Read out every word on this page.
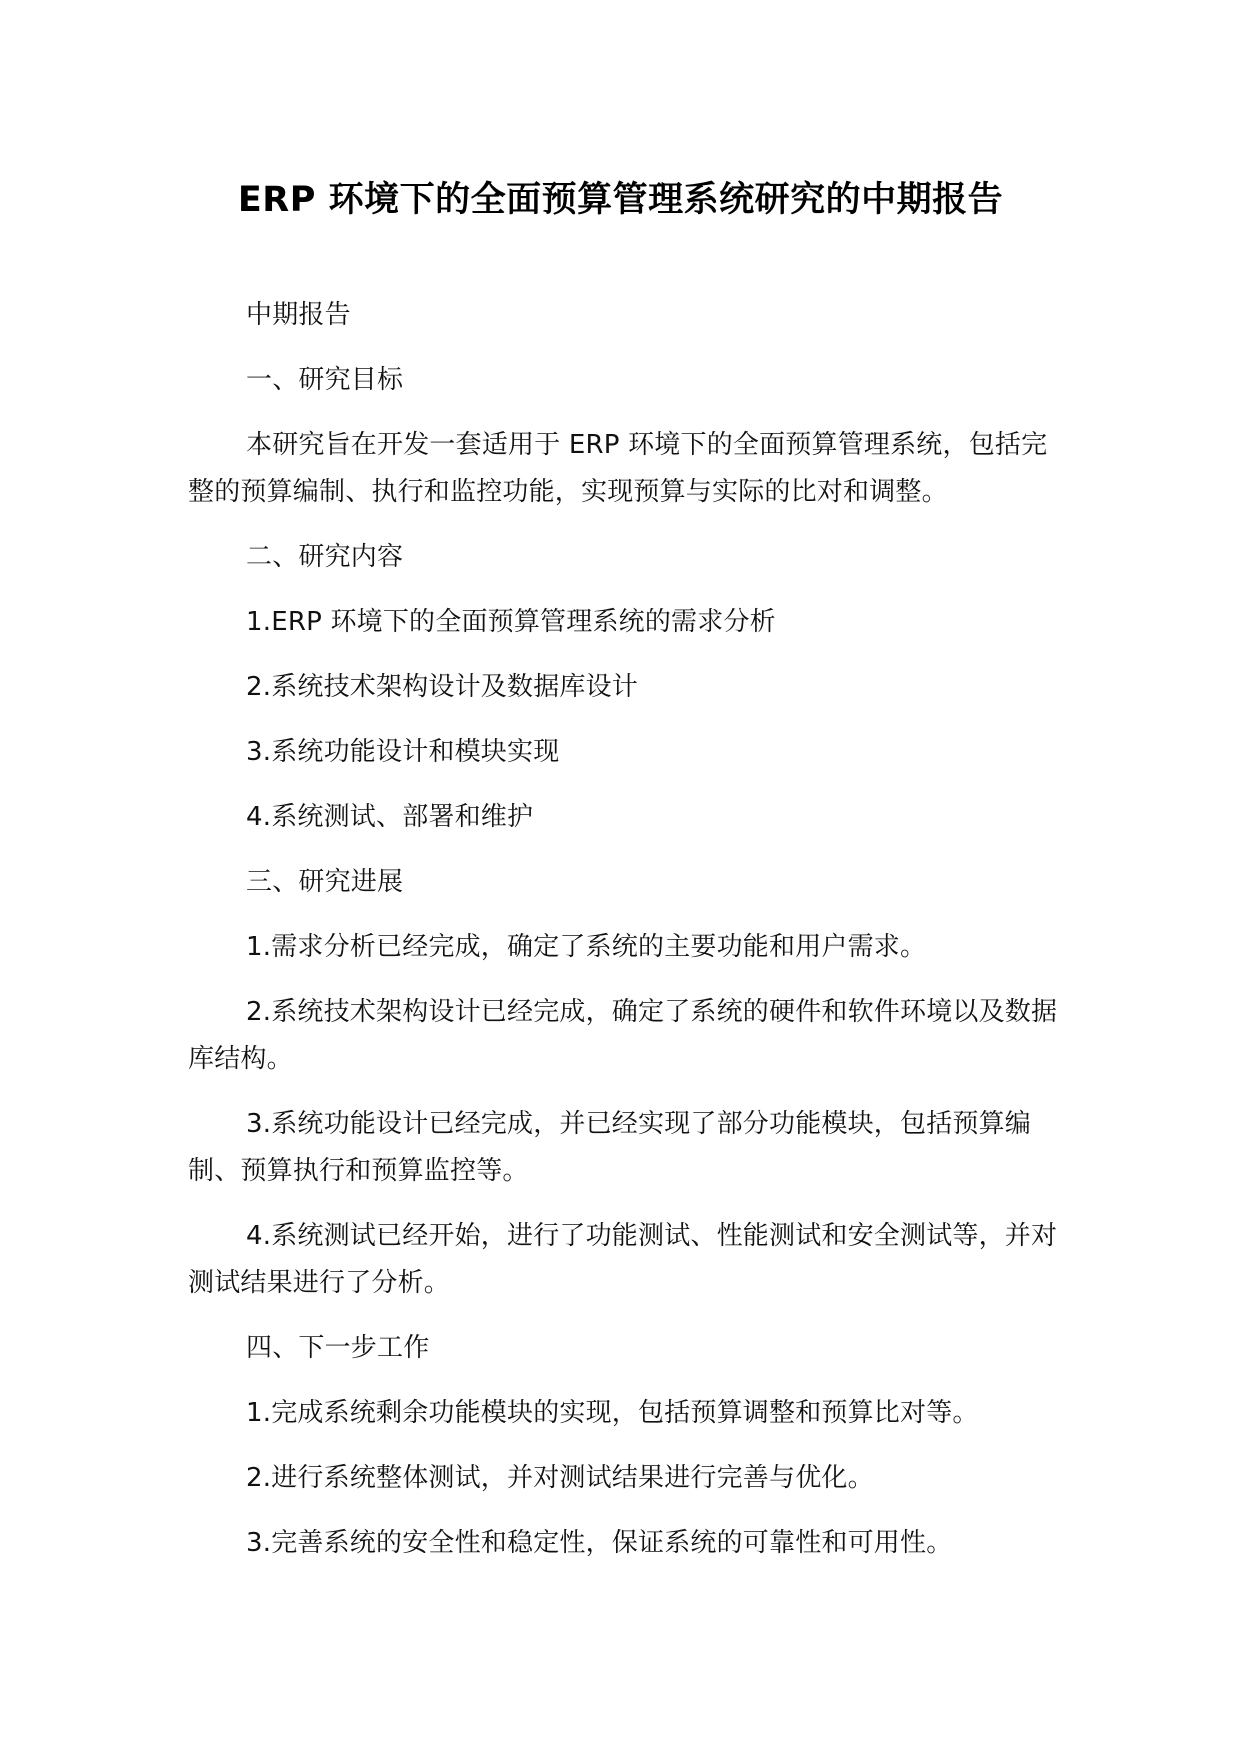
ERP 环境下的全面预算管理系统研究的中期报告

中期报告

一、研究目标

本研究旨在开发一套适用于 ERP 环境下的全面预算管理系统，包括完整的预算编制、执行和监控功能，实现预算与实际的比对和调整。

二、研究内容

1.ERP 环境下的全面预算管理系统的需求分析

2.系统技术架构设计及数据库设计

3.系统功能设计和模块实现

4.系统测试、部署和维护

三、研究进展

1.需求分析已经完成，确定了系统的主要功能和用户需求。

2.系统技术架构设计已经完成，确定了系统的硬件和软件环境以及数据库结构。

3.系统功能设计已经完成，并已经实现了部分功能模块，包括预算编制、预算执行和预算监控等。

4.系统测试已经开始，进行了功能测试、性能测试和安全测试等，并对测试结果进行了分析。

四、下一步工作

1.完成系统剩余功能模块的实现，包括预算调整和预算比对等。

2.进行系统整体测试，并对测试结果进行完善与优化。

3.完善系统的安全性和稳定性，保证系统的可靠性和可用性。
